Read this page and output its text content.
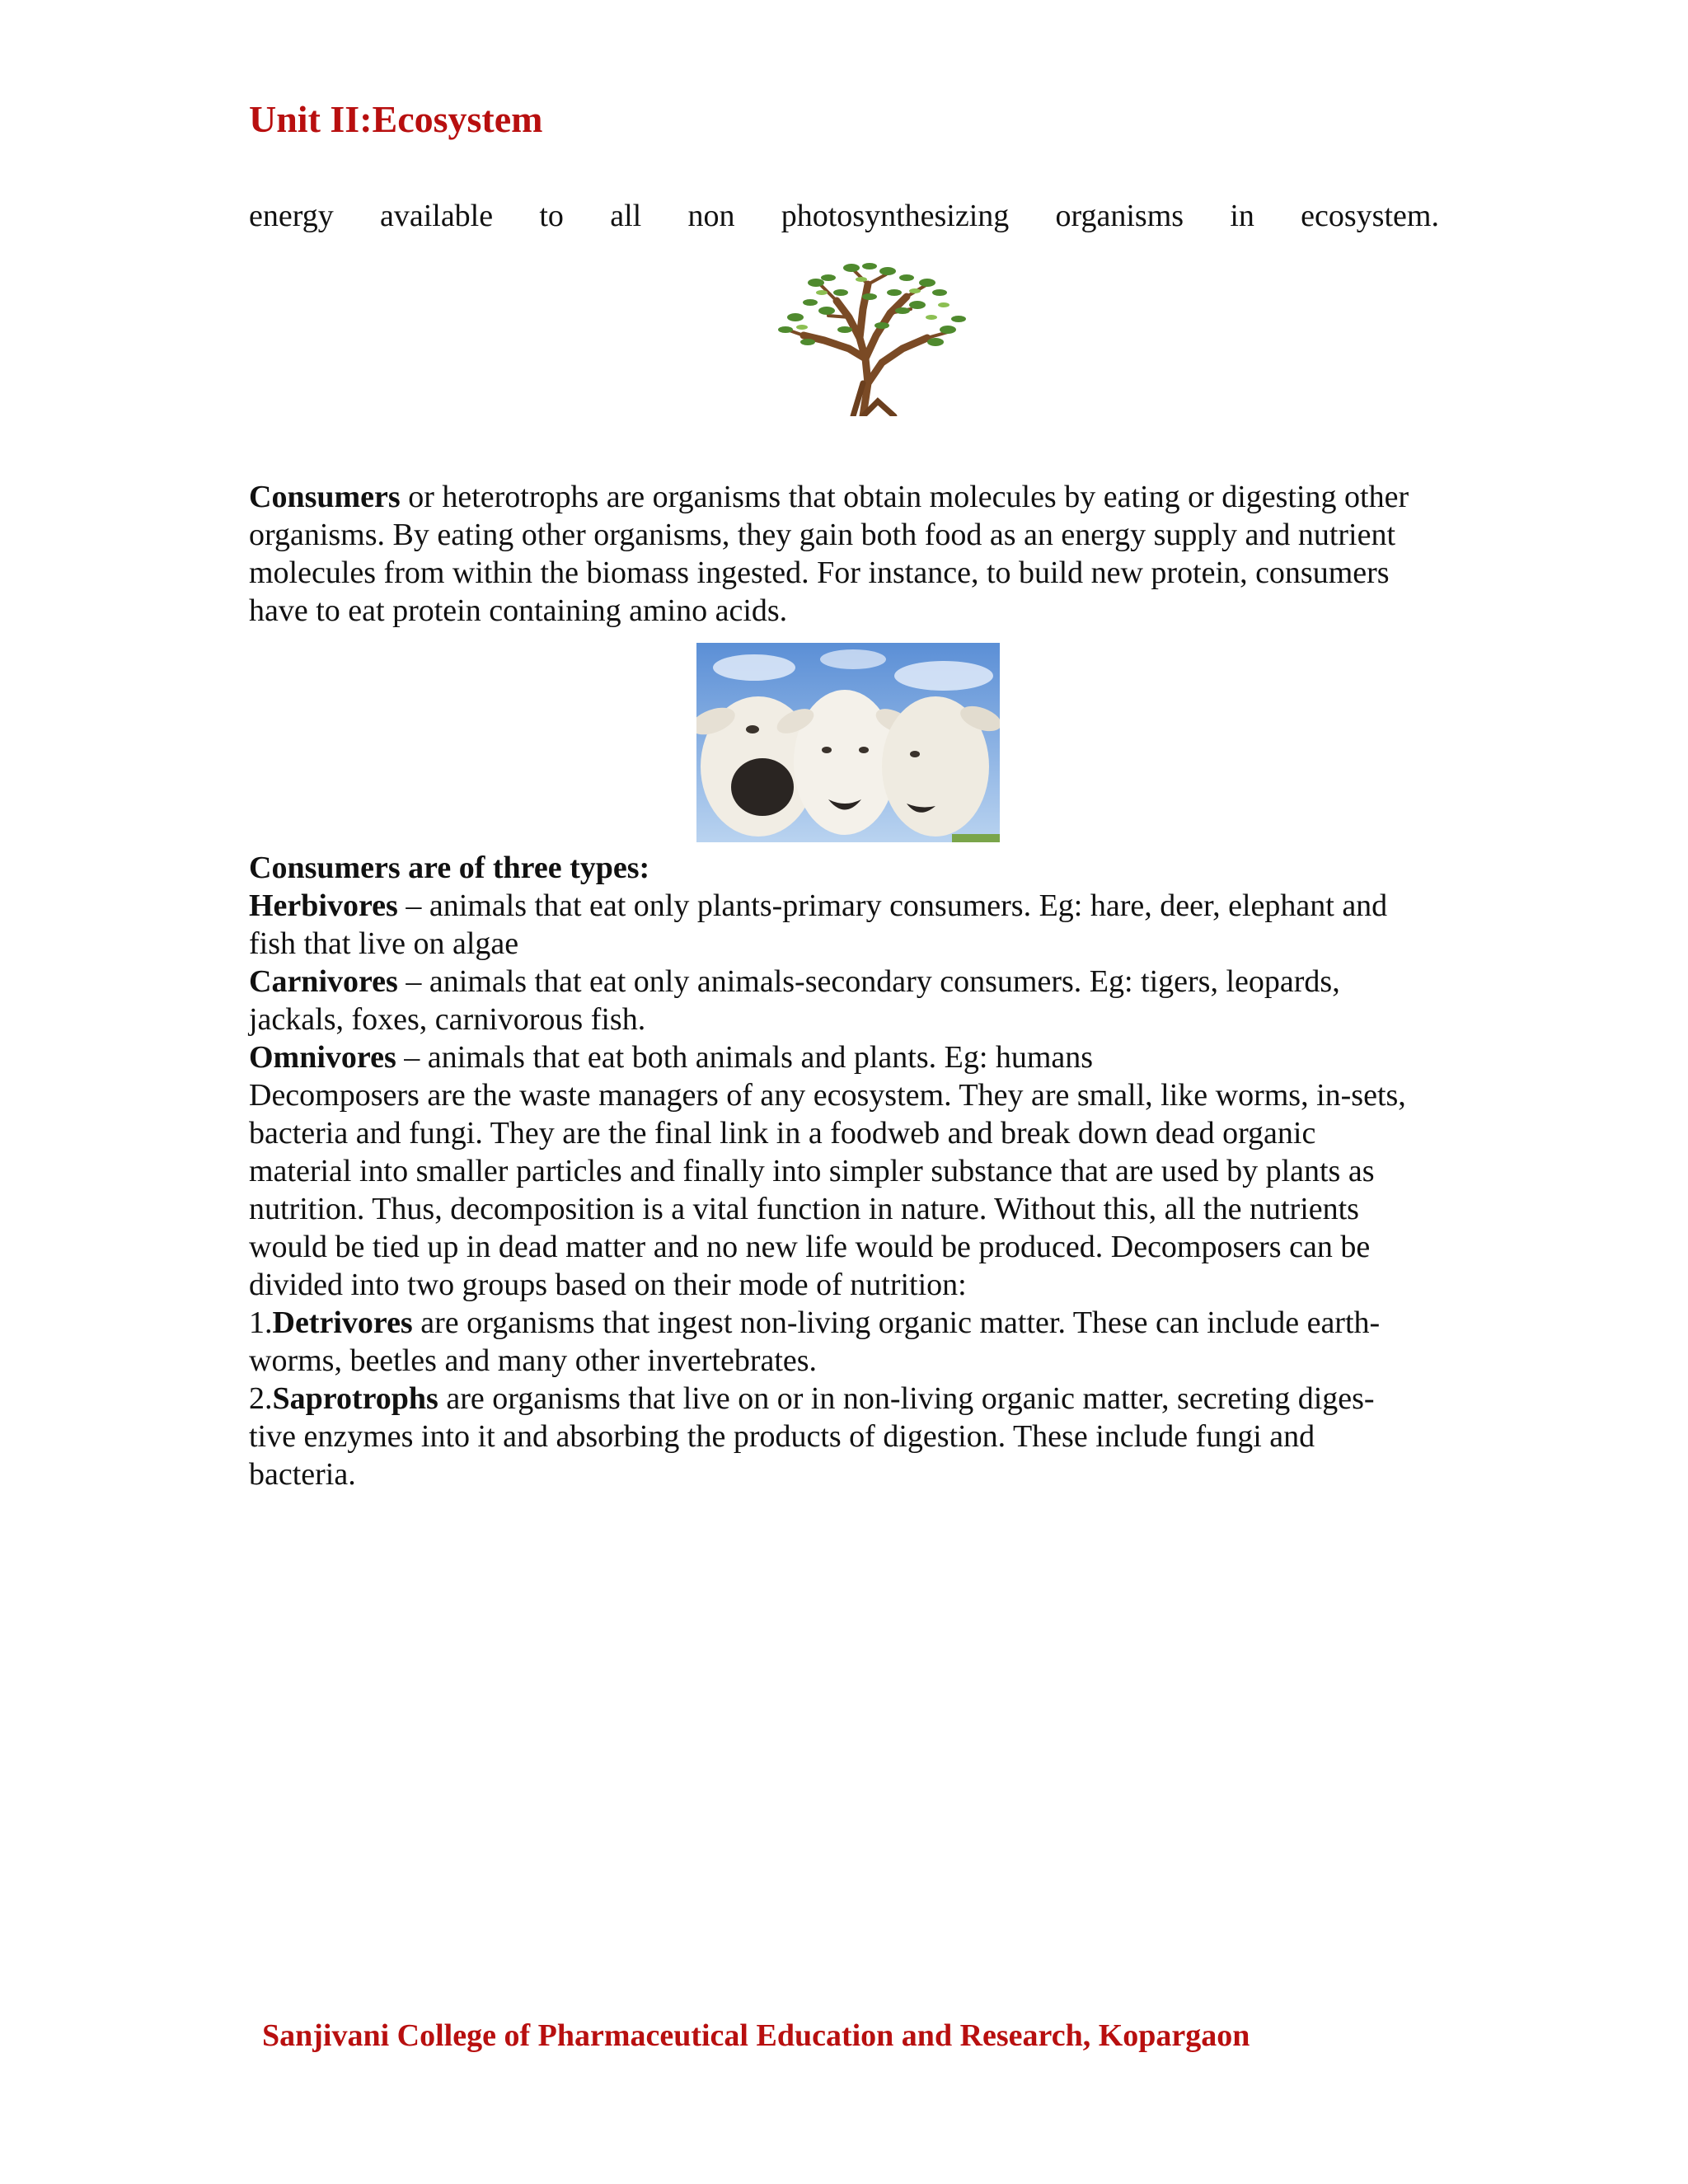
Unit II:Ecosystem
energy available to all non photosynthesizing organisms in ecosystem.

Consumers or heterotrophs are organisms that obtain molecules by eating or digesting other organisms. By eating other organisms, they gain both food as an energy supply and nutrient molecules from within the biomass ingested. For instance, to build new protein, consumers have to eat protein containing amino acids.

Consumers are of three types:

Herbivores – animals that eat only plants-primary consumers. Eg: hare, deer, elephant and fish that live on algae

Carnivores – animals that eat only animals-secondary consumers. Eg: tigers, leopards, jackals, foxes, carnivorous fish.

Omnivores – animals that eat both animals and plants. Eg: humans

Decomposers are the waste managers of any ecosystem. They are small, like worms, in-sets, bacteria and fungi. They are the final link in a foodweb and break down dead organic material into smaller particles and finally into simpler substance that are used by plants as nutrition. Thus, decomposition is a vital function in nature. Without this, all the nutrients would be tied up in dead matter and no new life would be produced. Decomposers can be divided into two groups based on their mode of nutrition:

1.Detrivores are organisms that ingest non-living organic matter. These can include earth-worms, beetles and many other invertebrates.

2.Saprotrophs are organisms that live on or in non-living organic matter, secreting diges-tive enzymes into it and absorbing the products of digestion. These include fungi and bacteria.

Sanjivani College of Pharmaceutical Education and Research, Kopargaon
